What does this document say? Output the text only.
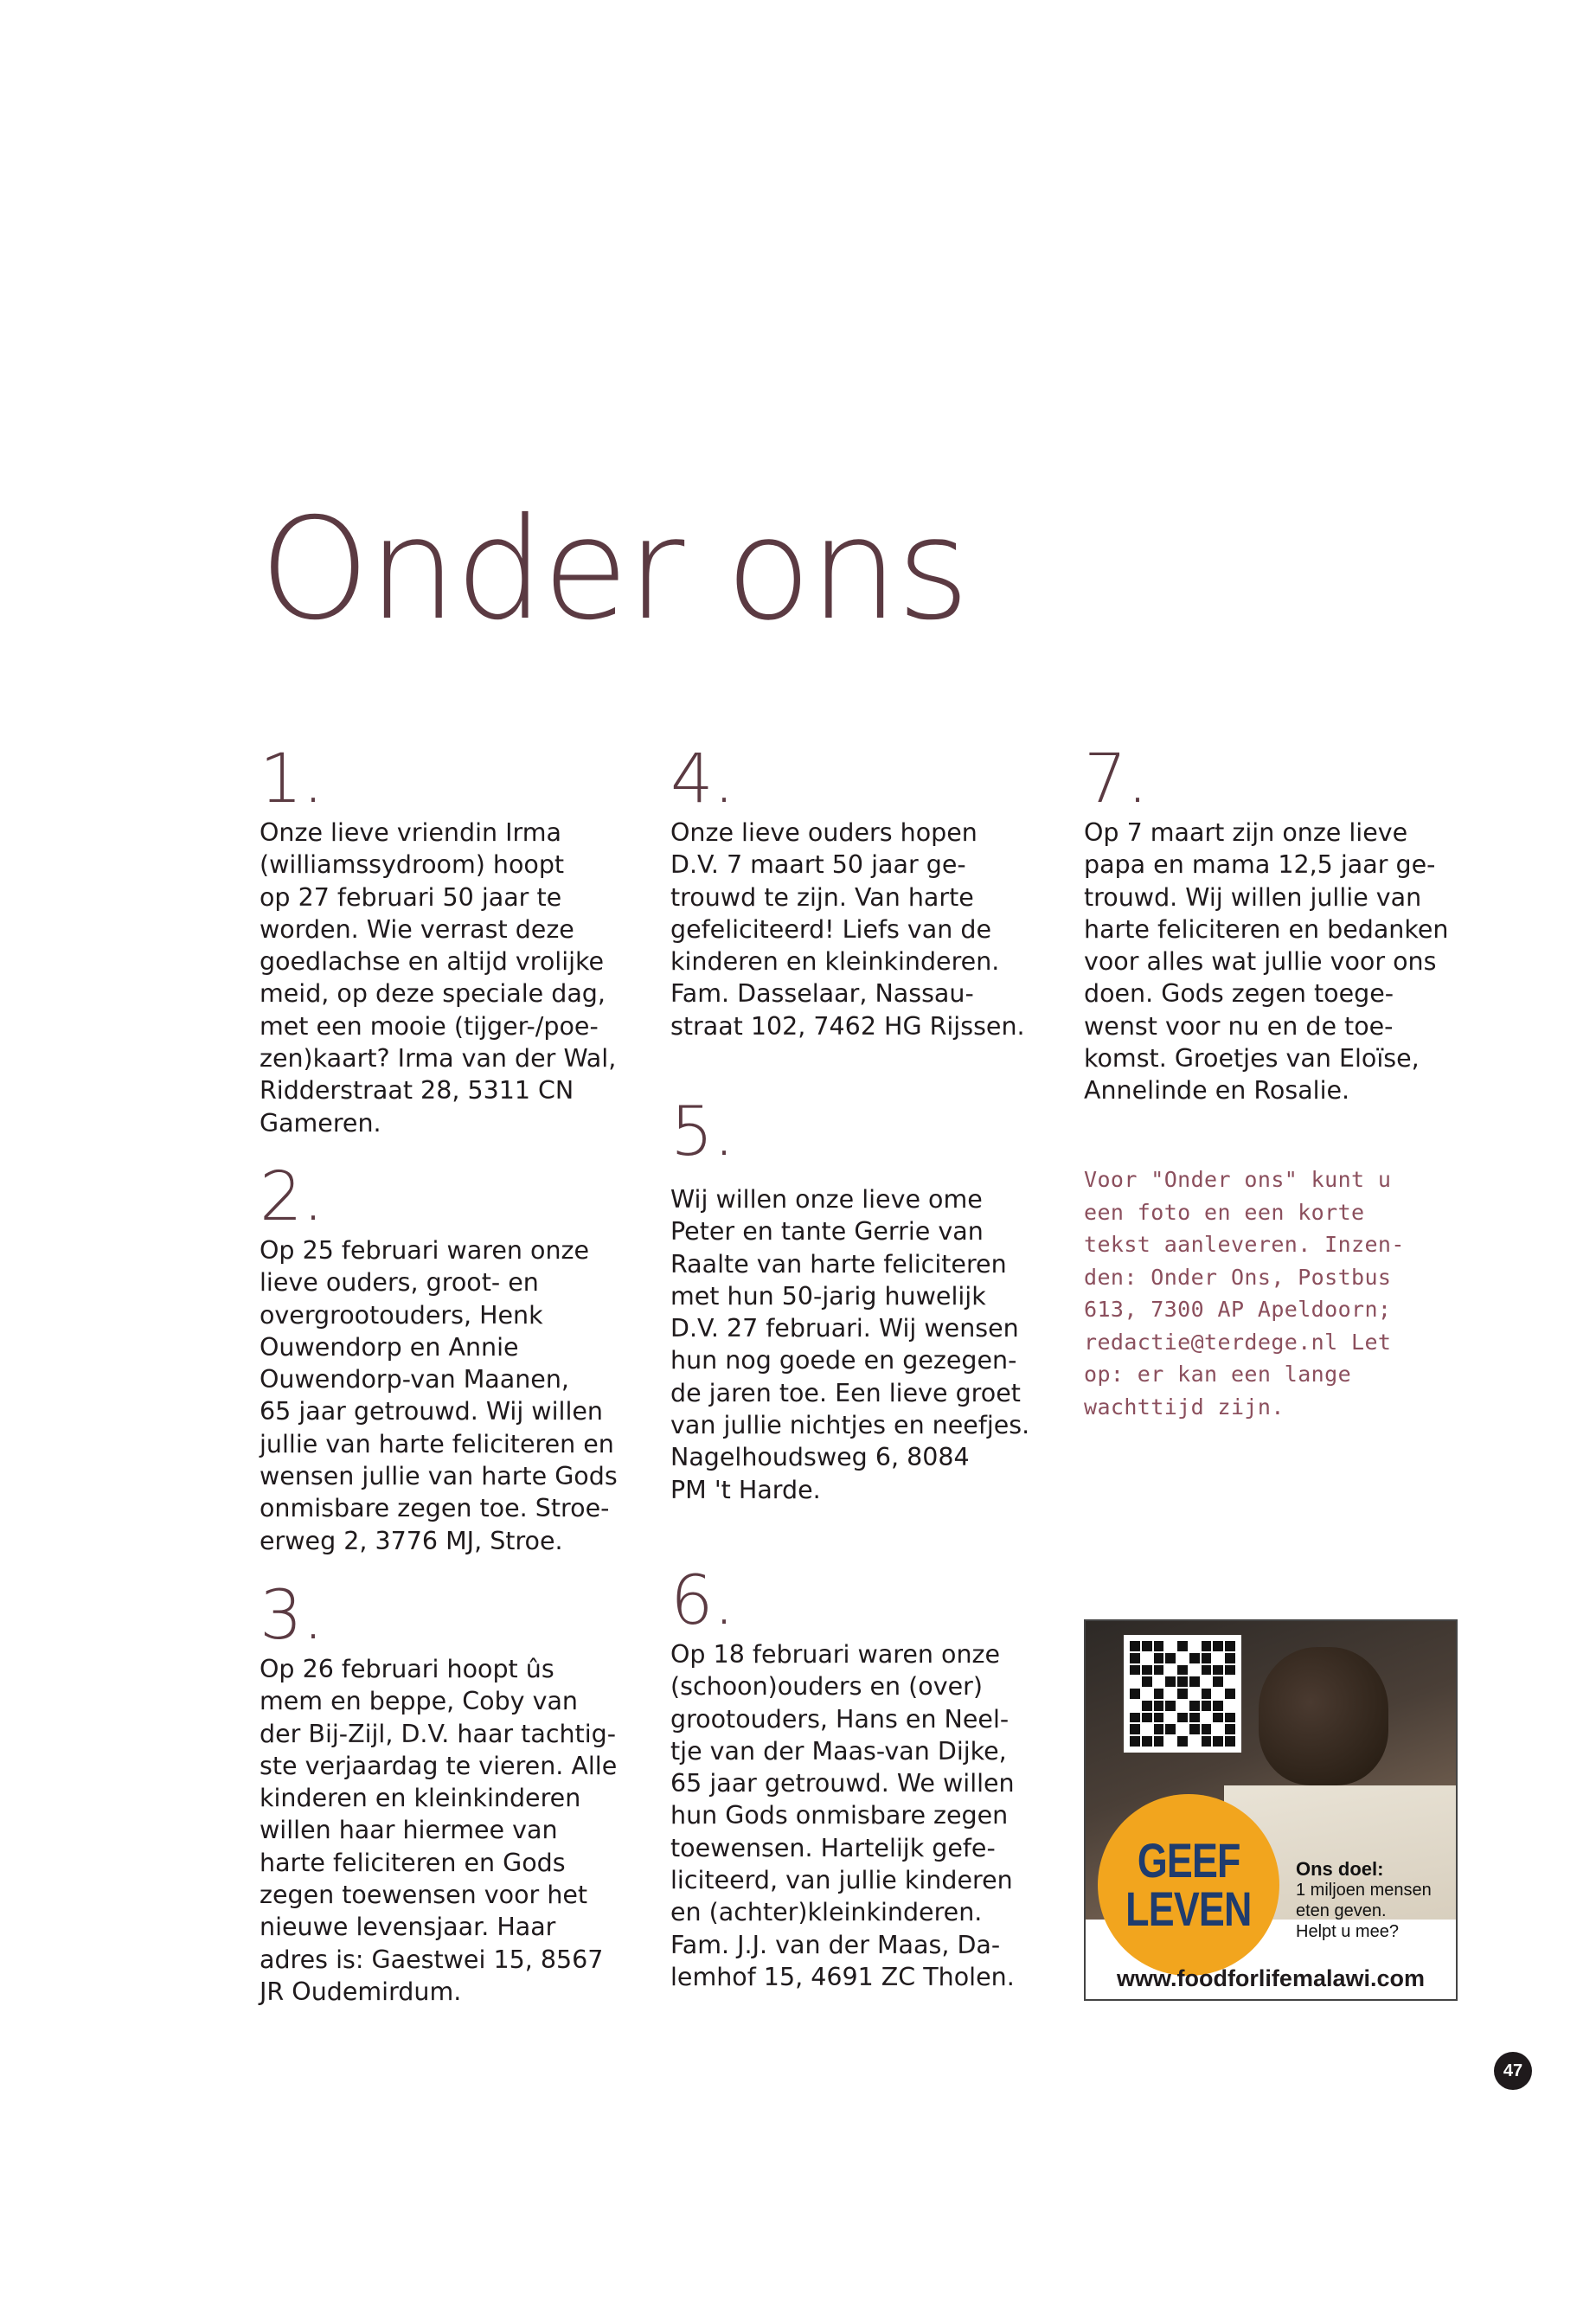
Onder ons
1.

Onze lieve vriendin Irma
(williamssydroom) hoopt
op 27 februari 50 jaar te
worden. Wie verrast deze
goedlachse en altijd vrolijke
meid, op deze speciale dag,
met een mooie (tijger-/poe-
zen)kaart? Irma van der Wal,
Ridderstraat 28, 5311 CN
Gameren.

2.

Op 25 februari waren onze
lieve ouders, groot- en
overgrootouders, Henk
Ouwendorp en Annie
Ouwendorp-van Maanen,
65 jaar getrouwd. Wij willen
jullie van harte feliciteren en
wensen jullie van harte Gods
onmisbare zegen toe. Stroe-
erweg 2, 3776 MJ, Stroe.

3.

Op 26 februari hoopt ûs
mem en beppe, Coby van
der Bij-Zijl, D.V. haar tachtig-
ste verjaardag te vieren. Alle
kinderen en kleinkinderen
willen haar hiermee van
harte feliciteren en Gods
zegen toewensen voor het
nieuwe levensjaar. Haar
adres is: Gaestwei 15, 8567
JR Oudemirdum.

4.

Onze lieve ouders hopen
D.V. 7 maart 50 jaar ge-
trouwd te zijn. Van harte
gefeliciteerd! Liefs van de
kinderen en kleinkinderen.
Fam. Dasselaar, Nassau-
straat 102, 7462 HG Rijssen.

5.

Wij willen onze lieve ome
Peter en tante Gerrie van
Raalte van harte feliciteren
met hun 50-jarig huwelijk
D.V. 27 februari. Wij wensen
hun nog goede en gezegen-
de jaren toe. Een lieve groet
van jullie nichtjes en neefjes.
Nagelhoudsweg 6, 8084
PM 't Harde.

6.

Op 18 februari waren onze
(schoon)ouders en (over)
grootouders, Hans en Neel-
tje van der Maas-van Dijke,
65 jaar getrouwd. We willen
hun Gods onmisbare zegen
toewensen. Hartelijk gefe-
liciteerd, van jullie kinderen
en (achter)kleinkinderen.
Fam. J.J. van der Maas, Da-
lemhof 15, 4691 ZC Tholen.

7.

Op 7 maart zijn onze lieve
papa en mama 12,5 jaar ge-
trouwd. Wij willen jullie van
harte feliciteren en bedanken
voor alles wat jullie voor ons
doen. Gods zegen toege-
wenst voor nu en de toe-
komst. Groetjes van Eloïse,
Annelinde en Rosalie.

Voor "Onder ons" kunt u
een foto en een korte
tekst aanleveren. Inzen-
den: Onder Ons, Postbus
613, 7300 AP Apeldoorn;
redactie@terdege.nl Let
op: er kan een lange
wachttijd zijn.

GEEF
LEVEN
Ons doel:
1 miljoen mensen
eten geven.
Helpt u mee?
www.foodforlifemalawi.com
47
